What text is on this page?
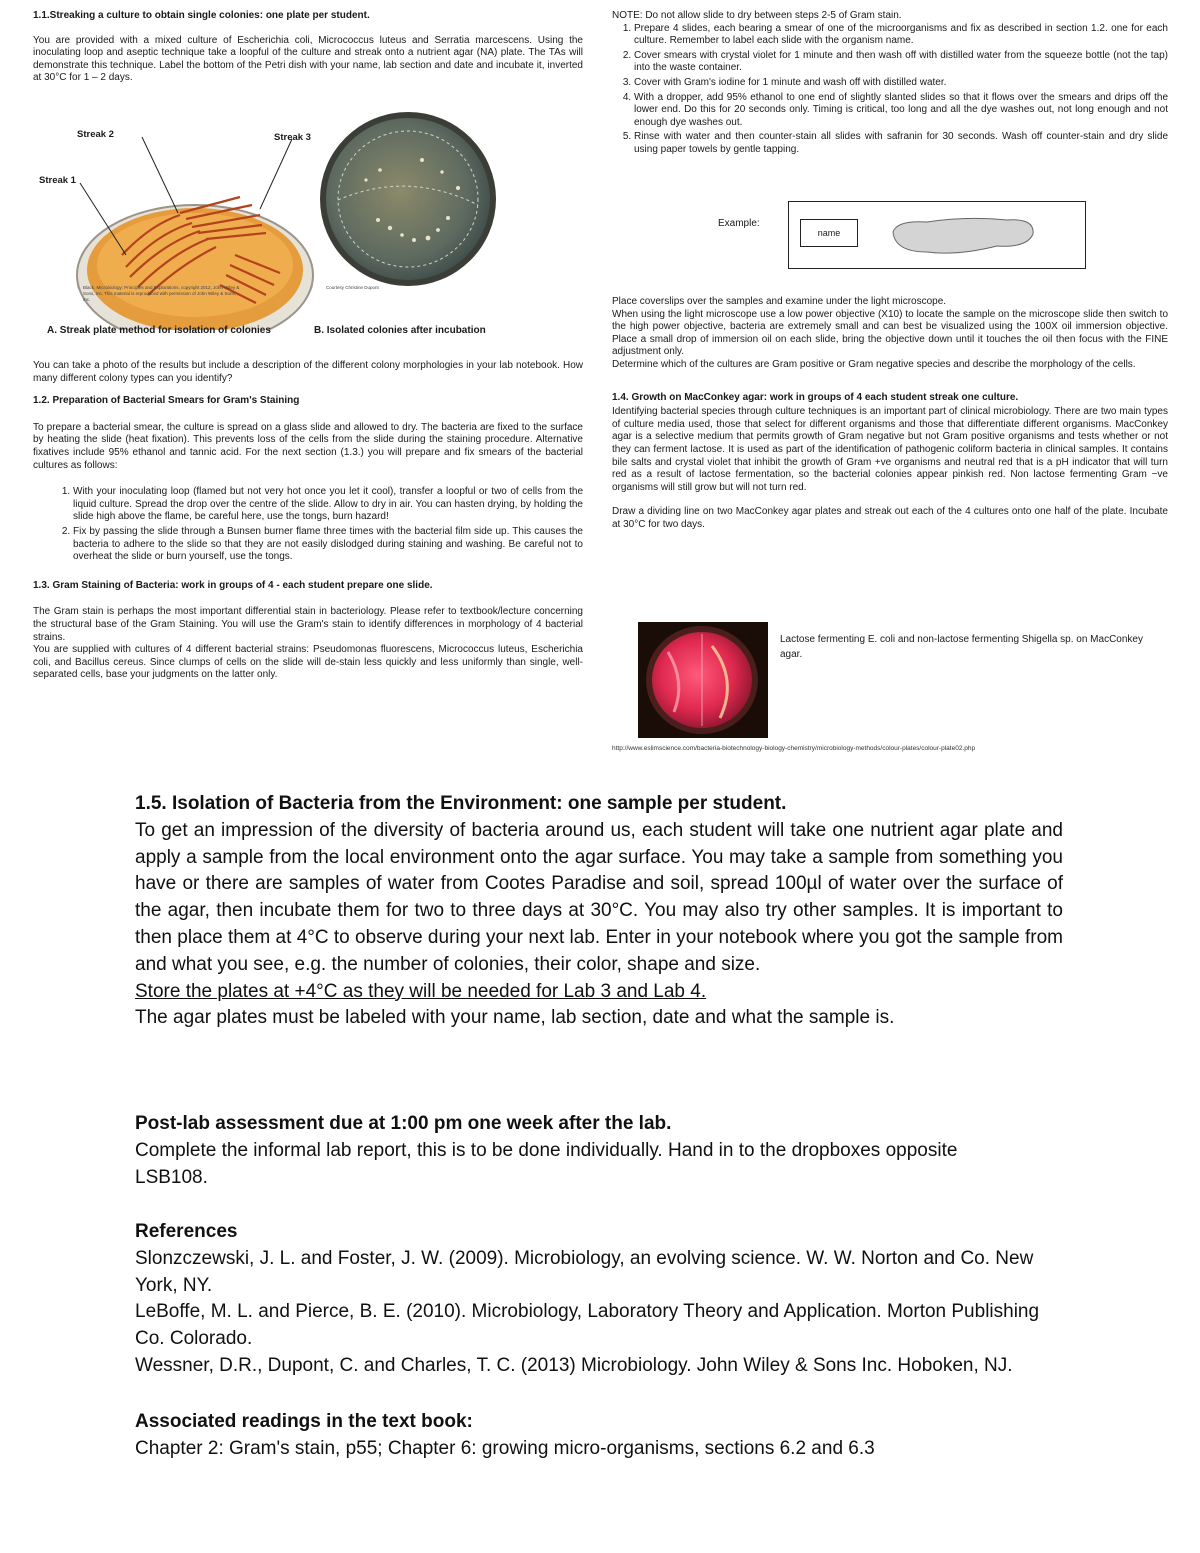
1.1.Streaking a culture to obtain single colonies: one plate per student.

You are provided with a mixed culture of Escherichia coli, Micrococcus luteus and Serratia marcescens. Using the inoculating loop and aseptic technique take a loopful of the culture and streak onto a nutrient agar (NA) plate. The TAs will demonstrate this technique. Label the bottom of the Petri dish with your name, lab section and date and incubate it, inverted at 30°C for 1 – 2 days.

Streak 2	Streak 3
Streak 1
Black, Microbiology: Principles and Explorations, copyright 2012, John Wiley & Sons, Inc. This material is reproduced with permission of John Wiley & Sons, Inc.
Courtesy Christine Dupont
A. Streak plate method for isolation of colonies	B. Isolated colonies after incubation

You can take a photo of the results but include a description of the different colony morphologies in your lab notebook. How many different colony types can you identify?

1.2. Preparation of Bacterial Smears for Gram's Staining

To prepare a bacterial smear, the culture is spread on a glass slide and allowed to dry. The bacteria are fixed to the surface by heating the slide (heat fixation). This prevents loss of the cells from the slide during the staining procedure. Alternative fixatives include 95% ethanol and tannic acid. For the next section (1.3.) you will prepare and fix smears of the bacterial cultures as follows:

1. With your inoculating loop (flamed but not very hot once you let it cool), transfer a loopful or two of cells from the liquid culture. Spread the drop over the centre of the slide. Allow to dry in air. You can hasten drying, by holding the slide high above the flame, be careful here, use the tongs, burn hazard!
2. Fix by passing the slide through a Bunsen burner flame three times with the bacterial film side up. This causes the bacteria to adhere to the slide so that they are not easily dislodged during staining and washing. Be careful not to overheat the slide or burn yourself, use the tongs.
1.3. Gram Staining of Bacteria: work in groups of 4 - each student prepare one slide.

The Gram stain is perhaps the most important differential stain in bacteriology. Please refer to textbook/lecture concerning the structural base of the Gram Staining. You will use the Gram's stain to identify differences in morphology of 4 bacterial strains.

You are supplied with cultures of 4 different bacterial strains: Pseudomonas fluorescens, Micrococcus luteus, Escherichia coli, and Bacillus cereus. Since clumps of cells on the slide will de-stain less quickly and less uniformly than single, well-separated cells, base your judgments on the latter only.

NOTE: Do not allow slide to dry between steps 2-5 of Gram stain.

1. Prepare 4 slides, each bearing a smear of one of the microorganisms and fix as described in section 1.2. one for each culture. Remember to label each slide with the organism name.
2. Cover smears with crystal violet for 1 minute and then wash off with distilled water from the squeeze bottle (not the tap) into the waste container.
3. Cover with Gram's iodine for 1 minute and wash off with distilled water.
4. With a dropper, add 95% ethanol to one end of slightly slanted slides so that it flows over the smears and drips off the lower end. Do this for 20 seconds only. Timing is critical, too long and all the dye washes out, not long enough and not enough dye washes out.
5. Rinse with water and then counter-stain all slides with safranin for 30 seconds. Wash off counter-stain and dry slide using paper towels by gentle tapping.
Example:
name

Place coverslips over the samples and examine under the light microscope.

When using the light microscope use a low power objective (X10) to locate the sample on the microscope slide then switch to the high power objective, bacteria are extremely small and can best be visualized using the 100X oil immersion objective. Place a small drop of immersion oil on each slide, bring the objective down until it touches the oil then focus with the FINE adjustment only.

Determine which of the cultures are Gram positive or Gram negative species and describe the morphology of the cells.

1.4. Growth on MacConkey agar: work in groups of 4 each student streak one culture.

Identifying bacterial species through culture techniques is an important part of clinical microbiology. There are two main types of culture media used, those that select for different organisms and those that differentiate different organisms. MacConkey agar is a selective medium that permits growth of Gram negative but not Gram positive organisms and tests whether or not they can ferment lactose. It is used as part of the identification of pathogenic coliform bacteria in clinical samples. It contains bile salts and crystal violet that inhibit the growth of Gram +ve organisms and neutral red that is a pH indicator that will turn red as a result of lactose fermentation, so the bacterial colonies appear pinkish red. Non lactose fermenting Gram −ve organisms will still grow but will not turn red.

Draw a dividing line on two MacConkey agar plates and streak out each of the 4 cultures onto one half of the plate. Incubate at 30°C for two days.

Lactose fermenting E. coli and non-lactose fermenting Shigella sp. on MacConkey agar.
http://www.eslimscience.com/bacteria-biotechnology-biology-chemistry/microbiology-methods/colour-plates/colour-plate02.php

1.5. Isolation of Bacteria from the Environment: one sample per student.

To get an impression of the diversity of bacteria around us, each student will take one nutrient agar plate and apply a sample from the local environment onto the agar surface. You may take a sample from something you have or there are samples of water from Cootes Paradise and soil, spread 100µl of water over the surface of the agar, then incubate them for two to three days at 30°C. You may also try other samples. It is important to then place them at 4°C to observe during your next lab. Enter in your notebook where you got the sample from and what you see, e.g. the number of colonies, their color, shape and size.

Store the plates at +4°C as they will be needed for Lab 3 and Lab 4.

The agar plates must be labeled with your name, lab section, date and what the sample is.

Post-lab assessment due at 1:00 pm one week after the lab.

Complete the informal lab report, this is to be done individually. Hand in to the dropboxes opposite LSB108.

References

Slonzczewski, J. L. and Foster, J. W. (2009). Microbiology, an evolving science. W. W. Norton and Co. New York, NY.

LeBoffe, M. L. and Pierce, B. E. (2010). Microbiology, Laboratory Theory and Application. Morton Publishing Co. Colorado.

Wessner, D.R., Dupont, C. and Charles, T. C. (2013) Microbiology. John Wiley & Sons Inc. Hoboken, NJ.

Associated readings in the text book:

Chapter 2: Gram's stain, p55; Chapter 6: growing micro-organisms, sections 6.2 and 6.3
